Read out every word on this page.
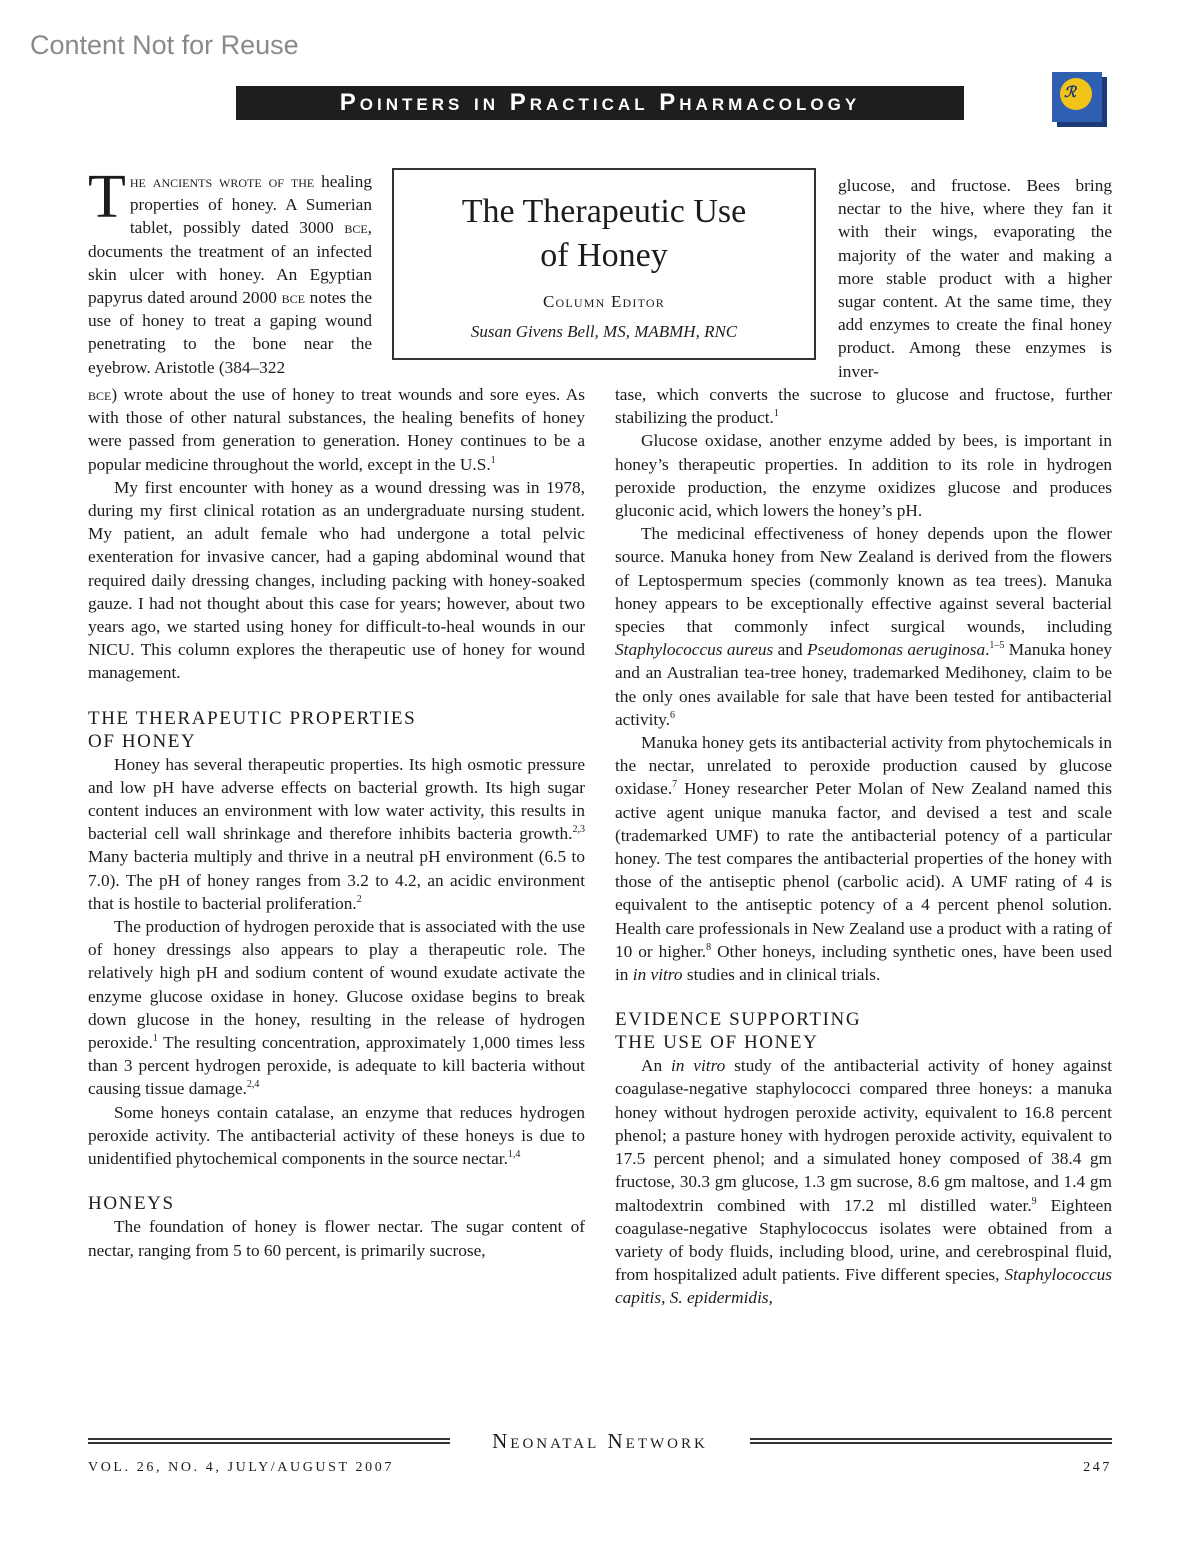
Content Not for Reuse
Pointers in Practical Pharmacology	ℛ
The Therapeutic Use
of Honey
Column Editor
Susan Givens Bell, MS, MABMH, RNC

The ancients wrote of the healing properties of honey. A Sumerian tablet, possibly dated 3000 bce, documents the treatment of an infected skin ulcer with honey. An Egyptian papyrus dated around 2000 bce notes the use of honey to treat a gaping wound penetrating to the bone near the eyebrow. Aristotle (384–322

bce) wrote about the use of honey to treat wounds and sore eyes. As with those of other natural substances, the healing benefits of honey were passed from generation to generation. Honey continues to be a popular medicine throughout the world, except in the U.S.$^1$

My first encounter with honey as a wound dressing was in 1978, during my first clinical rotation as an undergraduate nursing student. My patient, an adult female who had undergone a total pelvic exenteration for invasive cancer, had a gaping abdominal wound that required daily dressing changes, including packing with honey-soaked gauze. I had not thought about this case for years; however, about two years ago, we started using honey for difficult-to-heal wounds in our NICU. This column explores the therapeutic use of honey for wound management.

THE THERAPEUTIC PROPERTIES
OF HONEY

Honey has several therapeutic properties. Its high osmotic pressure and low pH have adverse effects on bacterial growth. Its high sugar content induces an environment with low water activity, this results in bacterial cell wall shrinkage and therefore inhibits bacteria growth.$^{2,3}$ Many bacteria multiply and thrive in a neutral pH environment (6.5 to 7.0). The pH of honey ranges from 3.2 to 4.2, an acidic environment that is hostile to bacterial proliferation.$^2$

The production of hydrogen peroxide that is associated with the use of honey dressings also appears to play a therapeutic role. The relatively high pH and sodium content of wound exudate activate the enzyme glucose oxidase in honey. Glucose oxidase begins to break down glucose in the honey, resulting in the release of hydrogen peroxide.$^1$ The resulting concentration, approximately 1,000 times less than 3 percent hydrogen peroxide, is adequate to kill bacteria without causing tissue damage.$^{2,4}$

Some honeys contain catalase, an enzyme that reduces hydrogen peroxide activity. The antibacterial activity of these honeys is due to unidentified phytochemical components in the source nectar.$^{1,4}$

HONEYS

The foundation of honey is flower nectar. The sugar content of nectar, ranging from 5 to 60 percent, is primarily sucrose,

glucose, and fructose. Bees bring nectar to the hive, where they fan it with their wings, evaporating the majority of the water and making a more stable product with a higher sugar content. At the same time, they add enzymes to create the final honey product. Among these enzymes is inver-

tase, which converts the sucrose to glucose and fructose, further stabilizing the product.$^1$

Glucose oxidase, another enzyme added by bees, is important in honey’s therapeutic properties. In addition to its role in hydrogen peroxide production, the enzyme oxidizes glucose and produces gluconic acid, which lowers the honey’s pH.

The medicinal effectiveness of honey depends upon the flower source. Manuka honey from New Zealand is derived from the flowers of Leptospermum species (commonly known as tea trees). Manuka honey appears to be exceptionally effective against several bacterial species that commonly infect surgical wounds, including Staphylococcus aureus and Pseudomonas aeruginosa.$^{1-5}$ Manuka honey and an Australian tea-tree honey, trademarked Medihoney, claim to be the only ones available for sale that have been tested for antibacterial activity.$^6$

Manuka honey gets its antibacterial activity from phytochemicals in the nectar, unrelated to peroxide production caused by glucose oxidase.$^7$ Honey researcher Peter Molan of New Zealand named this active agent unique manuka factor, and devised a test and scale (trademarked UMF) to rate the antibacterial potency of a particular honey. The test compares the antibacterial properties of the honey with those of the antiseptic phenol (carbolic acid). A UMF rating of 4 is equivalent to the antiseptic potency of a 4 percent phenol solution. Health care professionals in New Zealand use a product with a rating of 10 or higher.$^8$ Other honeys, including synthetic ones, have been used in in vitro studies and in clinical trials.

EVIDENCE SUPPORTING
THE USE OF HONEY

An in vitro study of the antibacterial activity of honey against coagulase-negative staphylococci compared three honeys: a manuka honey without hydrogen peroxide activity, equivalent to 16.8 percent phenol; a pasture honey with hydrogen peroxide activity, equivalent to 17.5 percent phenol; and a simulated honey composed of 38.4 gm fructose, 30.3 gm glucose, 1.3 gm sucrose, 8.6 gm maltose, and 1.4 gm maltodextrin combined with 17.2 ml distilled water.$^9$ Eighteen coagulase-negative Staphylococcus isolates were obtained from a variety of body fluids, including blood, urine, and cerebrospinal fluid, from hospitalized adult patients. Five different species, Staphylococcus capitis, S. epidermidis,

Neonatal Network
VOL. 26, NO. 4, JULY/AUGUST 2007	247
